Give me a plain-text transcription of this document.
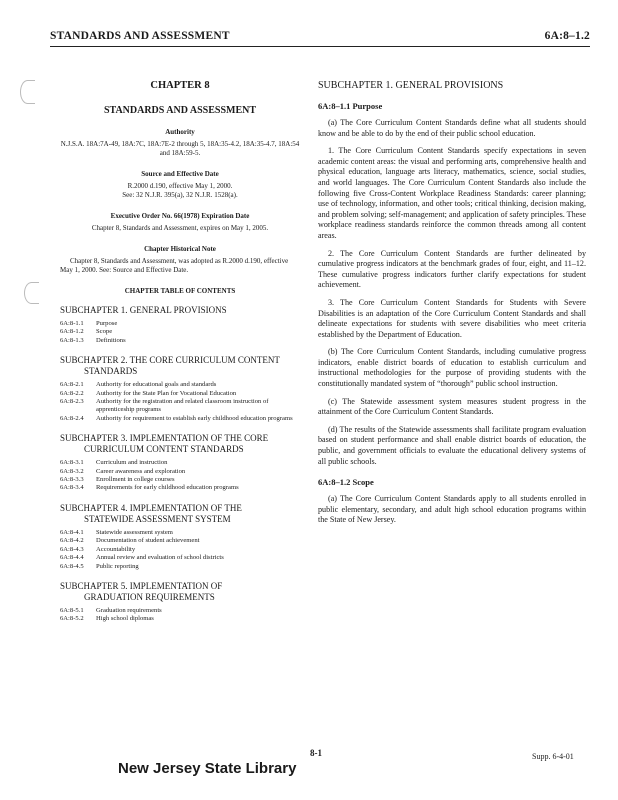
STANDARDS AND ASSESSMENT	6A:8–1.2
CHAPTER 8
STANDARDS AND ASSESSMENT
Authority
N.J.S.A. 18A:7A-49, 18A:7C, 18A:7E-2 through 5, 18A:35-4.2, 18A:35-4.7, 18A:54 and 18A:59-5.
Source and Effective Date
R.2000 d.190, effective May 1, 2000.
See: 32 N.J.R. 395(a), 32 N.J.R. 1528(a).
Executive Order No. 66(1978) Expiration Date
Chapter 8, Standards and Assessment, expires on May 1, 2005.
Chapter Historical Note
Chapter 8, Standards and Assessment, was adopted as R.2000 d.190, effective May 1, 2000. See: Source and Effective Date.
CHAPTER TABLE OF CONTENTS
SUBCHAPTER 1. GENERAL PROVISIONS
6A:8-1.1	Purpose
6A:8-1.2	Scope
6A:8-1.3	Definitions
SUBCHAPTER 2. THE CORE CURRICULUM CONTENT
STANDARDS
6A:8-2.1	Authority for educational goals and standards
6A:8-2.2	Authority for the State Plan for Vocational Education
6A:8-2.3	Authority for the registration and related classroom instruction of apprenticeship programs
6A:8-2.4	Authority for requirement to establish early childhood education programs
SUBCHAPTER 3. IMPLEMENTATION OF THE CORE
CURRICULUM CONTENT STANDARDS
6A:8-3.1	Curriculum and instruction
6A:8-3.2	Career awareness and exploration
6A:8-3.3	Enrollment in college courses
6A:8-3.4	Requirements for early childhood education programs
SUBCHAPTER 4. IMPLEMENTATION OF THE
STATEWIDE ASSESSMENT SYSTEM
6A:8-4.1	Statewide assessment system
6A:8-4.2	Documentation of student achievement
6A:8-4.3	Accountability
6A:8-4.4	Annual review and evaluation of school districts
6A:8-4.5	Public reporting
SUBCHAPTER 5. IMPLEMENTATION OF
GRADUATION REQUIREMENTS
6A:8-5.1	Graduation requirements
6A:8-5.2	High school diplomas
SUBCHAPTER 1. GENERAL PROVISIONS
6A:8–1.1 Purpose
(a) The Core Curriculum Content Standards define what all students should know and be able to do by the end of their public school education.
1. The Core Curriculum Content Standards specify expectations in seven academic content areas: the visual and performing arts, comprehensive health and physical education, language arts literacy, mathematics, science, social studies, and world languages. The Core Curriculum Content Standards also include the following five Cross-Content Workplace Readiness Standards: career planning; use of technology, information, and other tools; critical thinking, decision making, and problem solving; self-management; and application of safety principles. These workplace readiness standards reinforce the common threads among all content areas.
2. The Core Curriculum Content Standards are further delineated by cumulative progress indicators at the benchmark grades of four, eight, and 11–12. These cumulative progress indicators further clarify expectations for student achievement.
3. The Core Curriculum Content Standards for Students with Severe Disabilities is an adaptation of the Core Curriculum Content Standards and shall delineate expectations for students with severe disabilities who meet criteria established by the Department of Education.
(b) The Core Curriculum Content Standards, including cumulative progress indicators, enable district boards of education to establish curriculum and instructional methodologies for the purpose of providing students with the constitutionally mandated system of “thorough” public school instruction.
(c) The Statewide assessment system measures student progress in the attainment of the Core Curriculum Content Standards.
(d) The results of the Statewide assessments shall facilitate program evaluation based on student performance and shall enable district boards of education, the public, and government officials to evaluate the educational delivery systems of all public schools.
6A:8–1.2 Scope
(a) The Core Curriculum Content Standards apply to all students enrolled in public elementary, secondary, and adult high school education programs within the State of New Jersey.
8-1	Supp. 6-4-01
New Jersey State Library
